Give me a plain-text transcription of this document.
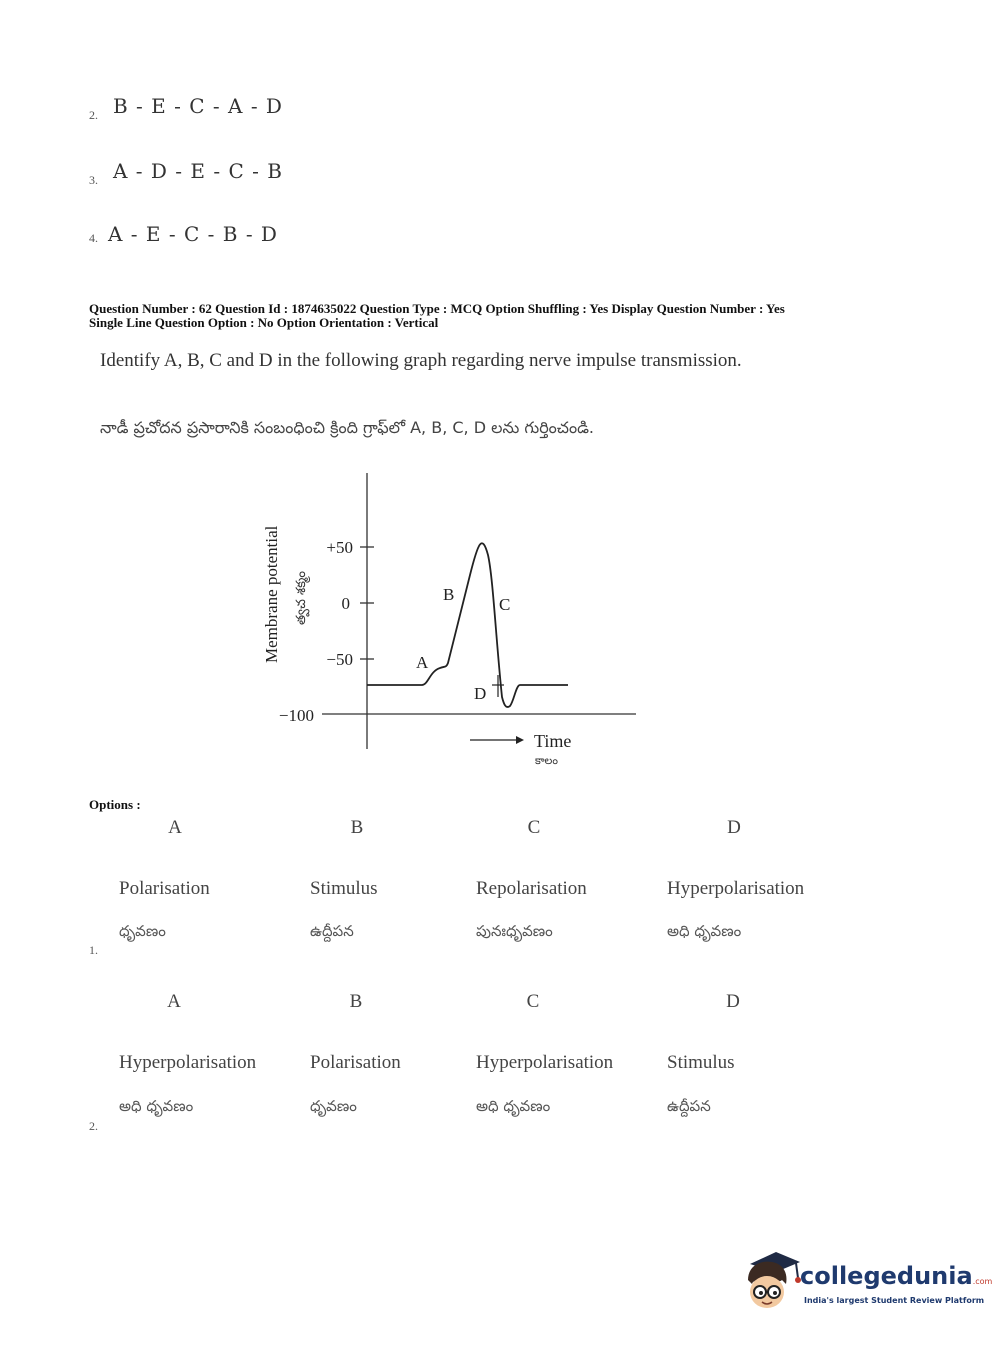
2. B - E - C - A - D
3. A - D - E - C - B
4. A - E - C - B - D
Question Number : 62 Question Id : 1874635022 Question Type : MCQ Option Shuffling : Yes Display Question Number : Yes
Single Line Question Option : No Option Orientation : Vertical
Identify A, B, C and D in the following graph regarding nerve impulse transmission.
నాడీ ప్రచోదన ప్రసారానికి సంబంధించి క్రింది గ్రాఫ్‌లో A, B, C, D లను గుర్తించండి.
+50
0
−50
−100
Membrane potential త్వచ శక్మం
A
B
C
D
Time
కాలం
Options :
A	B	C	D
Polarisation	Stimulus	Repolarisation	Hyperpolarisation
ధృవణం	ఉద్దీపన	పునఃధృవణం	అధి ధృవణం
1.
A	B	C	D
Hyperpolarisation	Polarisation	Hyperpolarisation	Stimulus
అధి ధృవణం	ధృవణం	అధి ధృవణం	ఉద్దీపన
2.
collegedunia.com
India's largest Student Review Platform
